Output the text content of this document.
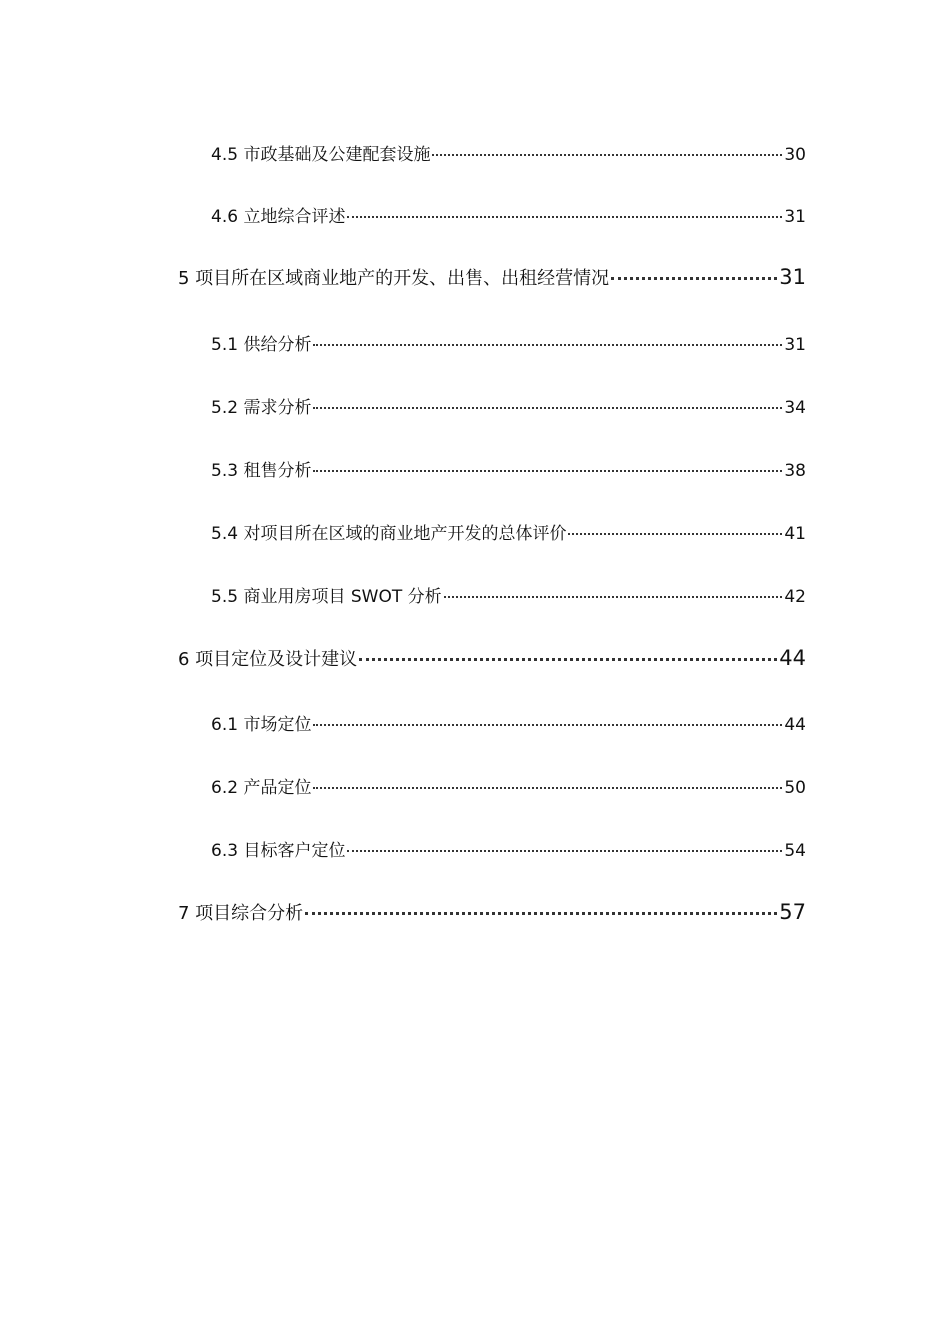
4.5 市政基础及公建配套设施	30
4.6 立地综合评述	31
5 项目所在区域商业地产的开发、出售、出租经营情况	31
5.1 供给分析	31
5.2 需求分析	34
5.3 租售分析	38
5.4 对项目所在区域的商业地产开发的总体评价	41
5.5 商业用房项目 SWOT 分析	42
6 项目定位及设计建议	44
6.1 市场定位	44
6.2 产品定位	50
6.3 目标客户定位	54
7 项目综合分析	57
